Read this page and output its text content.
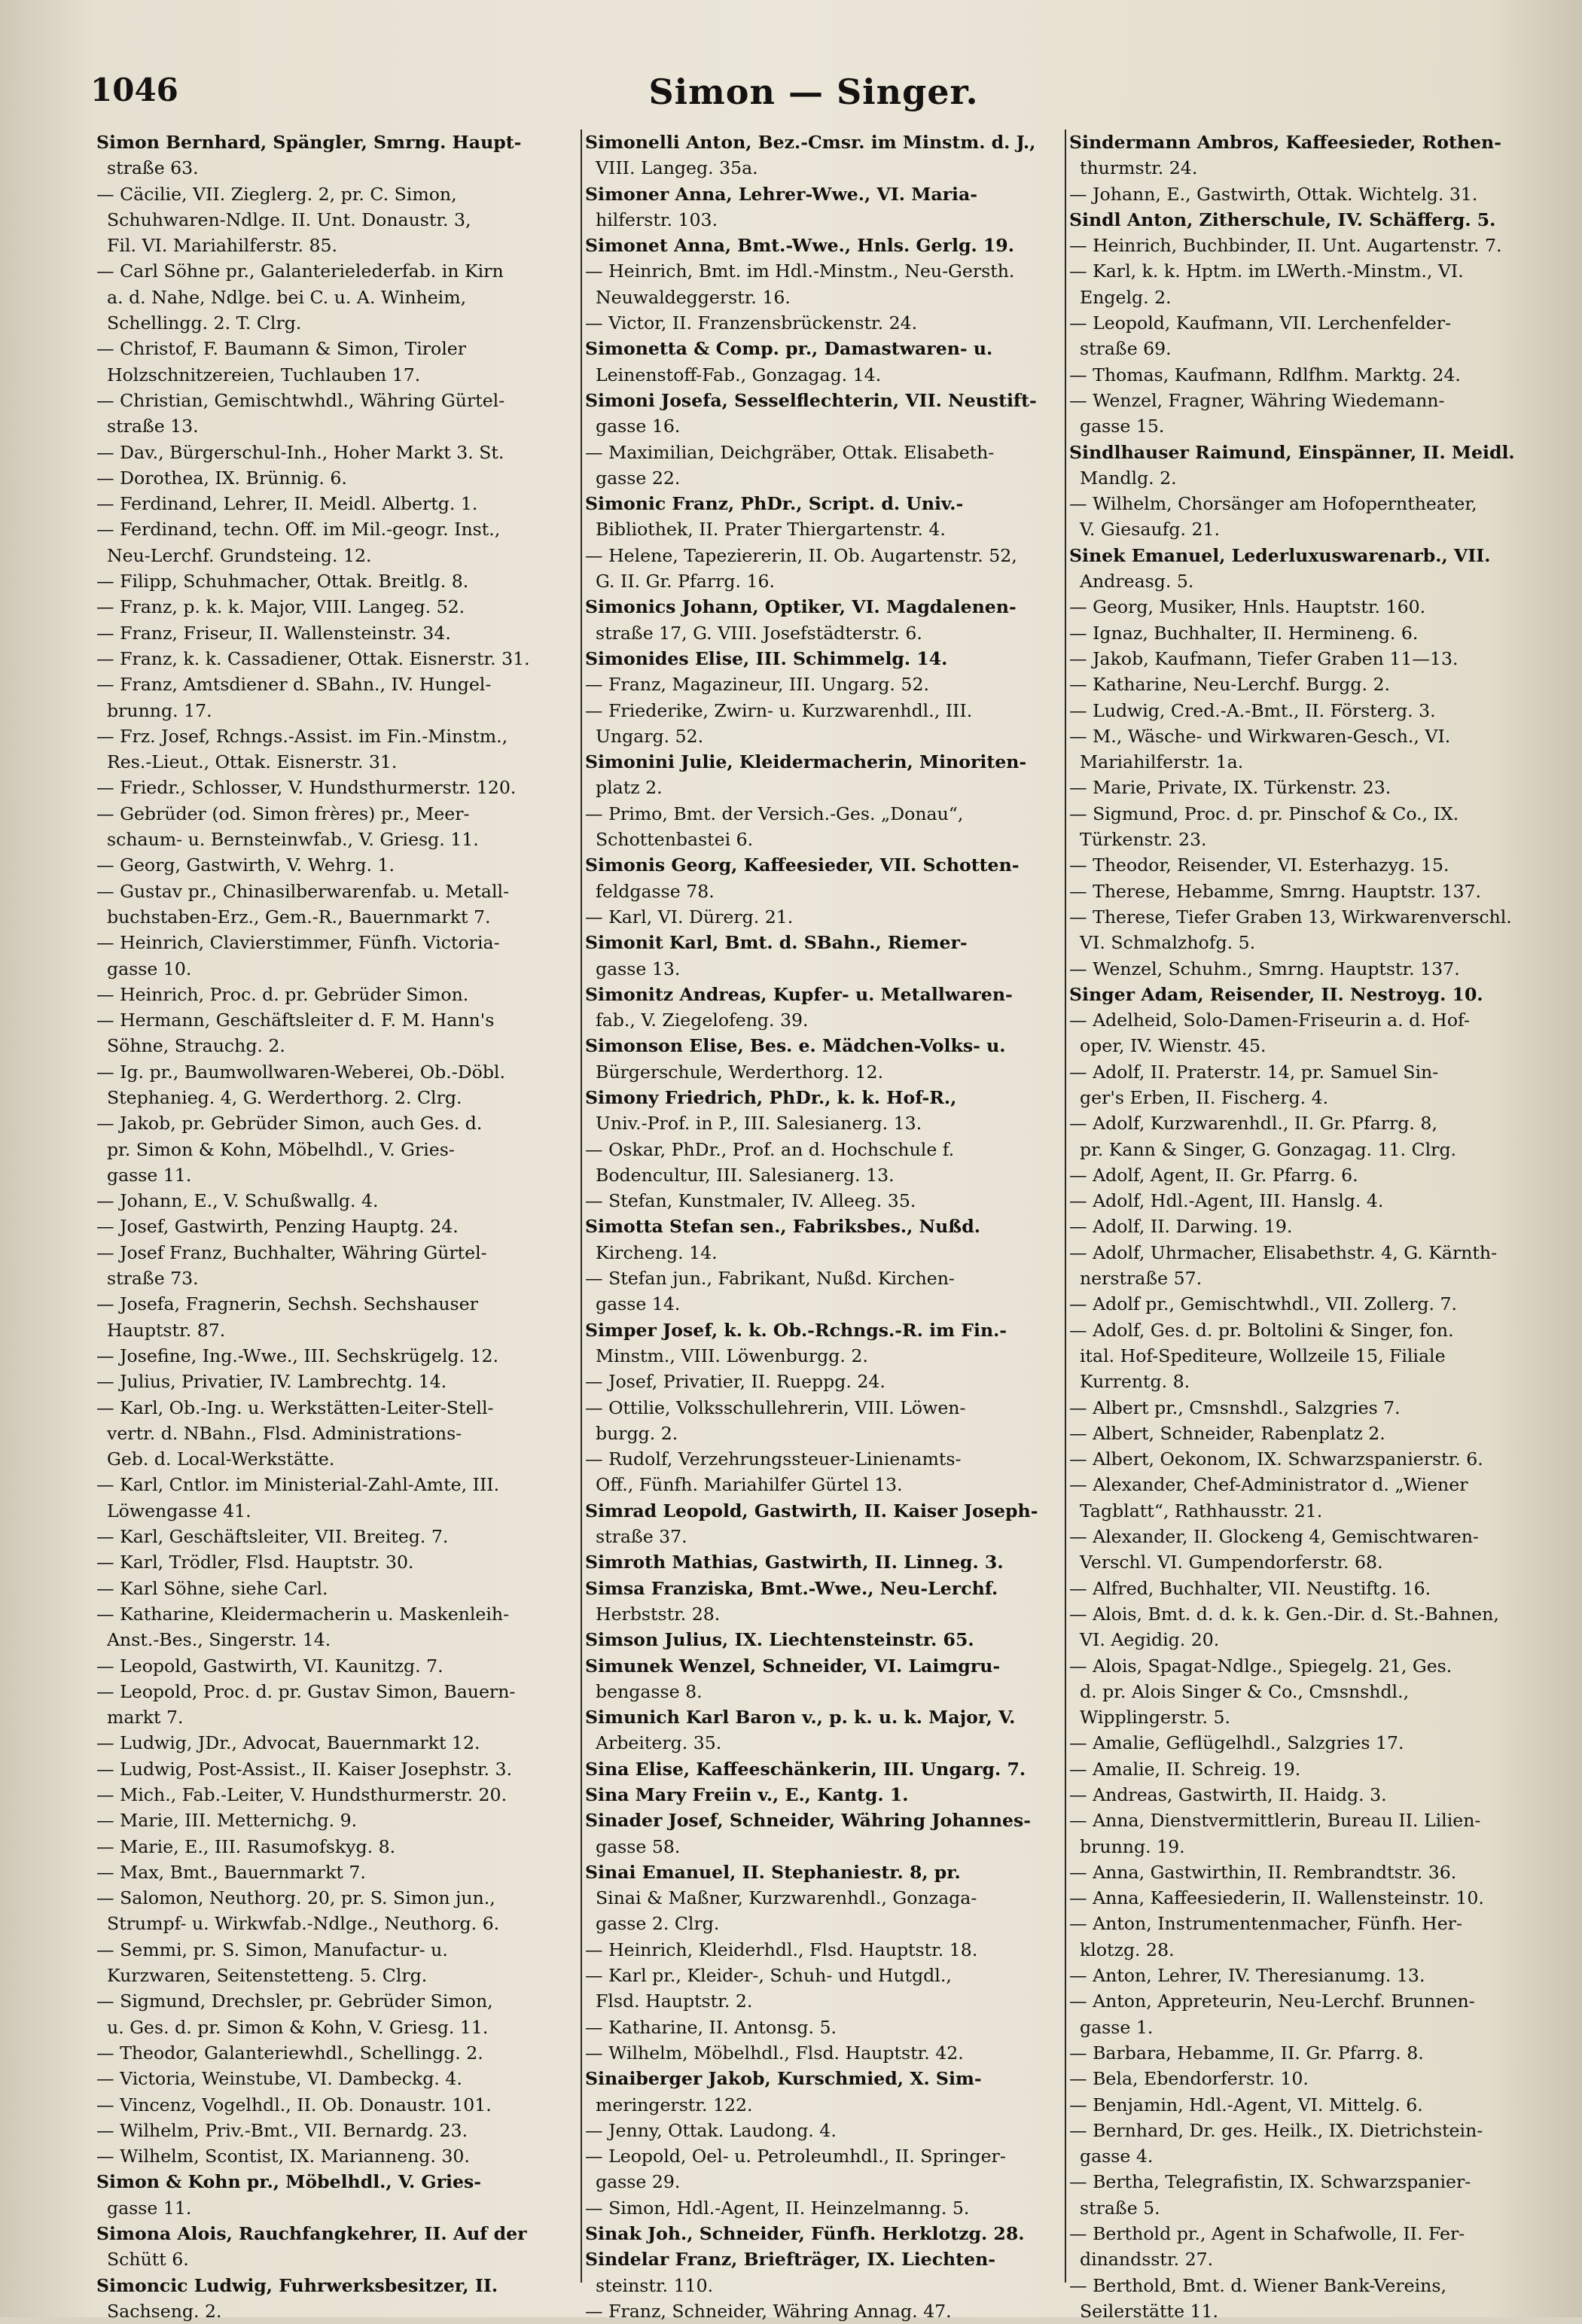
1046	Simon — Singer.
Simon Bernhard, Spängler, Smrng. Haupt-
straße 63.
— Cäcilie, VII. Zieglerg. 2, pr. C. Simon,
Schuhwaren-Ndlge. II. Unt. Donaustr. 3,
Fil. VI. Mariahilferstr. 85.
— Carl Söhne pr., Galanterielederfab. in Kirn
a. d. Nahe, Ndlge. bei C. u. A. Winheim,
Schellingg. 2. T. Clrg.
— Christof, F. Baumann & Simon, Tiroler
Holzschnitzereien, Tuchlauben 17.
— Christian, Gemischtwhdl., Währing Gürtel-
straße 13.
— Dav., Bürgerschul-Inh., Hoher Markt 3. St.
— Dorothea, IX. Brünnig. 6.
— Ferdinand, Lehrer, II. Meidl. Albertg. 1.
— Ferdinand, techn. Off. im Mil.-geogr. Inst.,
Neu-Lerchf. Grundsteing. 12.
— Filipp, Schuhmacher, Ottak. Breitlg. 8.
— Franz, p. k. k. Major, VIII. Langeg. 52.
— Franz, Friseur, II. Wallensteinstr. 34.
— Franz, k. k. Cassadiener, Ottak. Eisnerstr. 31.
— Franz, Amtsdiener d. SBahn., IV. Hungel-
brunng. 17.
— Frz. Josef, Rchngs.-Assist. im Fin.-Minstm.,
Res.-Lieut., Ottak. Eisnerstr. 31.
— Friedr., Schlosser, V. Hundsthurmerstr. 120.
— Gebrüder (od. Simon frères) pr., Meer-
schaum- u. Bernsteinwfab., V. Griesg. 11.
— Georg, Gastwirth, V. Wehrg. 1.
— Gustav pr., Chinasilberwarenfab. u. Metall-
buchstaben-Erz., Gem.-R., Bauernmarkt 7.
— Heinrich, Clavierstimmer, Fünfh. Victoria-
gasse 10.
— Heinrich, Proc. d. pr. Gebrüder Simon.
— Hermann, Geschäftsleiter d. F. M. Hann's
Söhne, Strauchg. 2.
— Ig. pr., Baumwollwaren-Weberei, Ob.-Döbl.
Stephanieg. 4, G. Werderthorg. 2. Clrg.
— Jakob, pr. Gebrüder Simon, auch Ges. d.
pr. Simon & Kohn, Möbelhdl., V. Gries-
gasse 11.
— Johann, E., V. Schußwallg. 4.
— Josef, Gastwirth, Penzing Hauptg. 24.
— Josef Franz, Buchhalter, Währing Gürtel-
straße 73.
— Josefa, Fragnerin, Sechsh. Sechshauser
Hauptstr. 87.
— Josefine, Ing.-Wwe., III. Sechskrügelg. 12.
— Julius, Privatier, IV. Lambrechtg. 14.
— Karl, Ob.-Ing. u. Werkstätten-Leiter-Stell-
vertr. d. NBahn., Flsd. Administrations-
Geb. d. Local-Werkstätte.
— Karl, Cntlor. im Ministerial-Zahl-Amte, III.
Löwengasse 41.
— Karl, Geschäftsleiter, VII. Breiteg. 7.
— Karl, Trödler, Flsd. Hauptstr. 30.
— Karl Söhne, siehe Carl.
— Katharine, Kleidermacherin u. Maskenleih-
Anst.-Bes., Singerstr. 14.
— Leopold, Gastwirth, VI. Kaunitzg. 7.
— Leopold, Proc. d. pr. Gustav Simon, Bauern-
markt 7.
— Ludwig, JDr., Advocat, Bauernmarkt 12.
— Ludwig, Post-Assist., II. Kaiser Josephstr. 3.
— Mich., Fab.-Leiter, V. Hundsthurmerstr. 20.
— Marie, III. Metternichg. 9.
— Marie, E., III. Rasumofskyg. 8.
— Max, Bmt., Bauernmarkt 7.
— Salomon, Neuthorg. 20, pr. S. Simon jun.,
Strumpf- u. Wirkwfab.-Ndlge., Neuthorg. 6.
— Semmi, pr. S. Simon, Manufactur- u.
Kurzwaren, Seitenstetteng. 5. Clrg.
— Sigmund, Drechsler, pr. Gebrüder Simon,
u. Ges. d. pr. Simon & Kohn, V. Griesg. 11.
— Theodor, Galanteriewhdl., Schellingg. 2.
— Victoria, Weinstube, VI. Dambeckg. 4.
— Vincenz, Vogelhdl., II. Ob. Donaustr. 101.
— Wilhelm, Priv.-Bmt., VII. Bernardg. 23.
— Wilhelm, Scontist, IX. Marianneng. 30.
Simon & Kohn pr., Möbelhdl., V. Gries-
gasse 11.
Simona Alois, Rauchfangkehrer, II. Auf der
Schütt 6.
Simoncic Ludwig, Fuhrwerksbesitzer, II.
Sachseng. 2.
Simonelli Anton, Bez.-Cmsr. im Minstm. d. J.,
VIII. Langeg. 35a.
Simoner Anna, Lehrer-Wwe., VI. Maria-
hilferstr. 103.
Simonet Anna, Bmt.-Wwe., Hnls. Gerlg. 19.
— Heinrich, Bmt. im Hdl.-Minstm., Neu-Gersth.
Neuwaldeggerstr. 16.
— Victor, II. Franzensbrückenstr. 24.
Simonetta & Comp. pr., Damastwaren- u.
Leinenstoff-Fab., Gonzagag. 14.
Simoni Josefa, Sesselflechterin, VII. Neustift-
gasse 16.
— Maximilian, Deichgräber, Ottak. Elisabeth-
gasse 22.
Simonic Franz, PhDr., Script. d. Univ.-
Bibliothek, II. Prater Thiergartenstr. 4.
— Helene, Tapeziererin, II. Ob. Augartenstr. 52,
G. II. Gr. Pfarrg. 16.
Simonics Johann, Optiker, VI. Magdalenen-
straße 17, G. VIII. Josefstädterstr. 6.
Simonides Elise, III. Schimmelg. 14.
— Franz, Magazineur, III. Ungarg. 52.
— Friederike, Zwirn- u. Kurzwarenhdl., III.
Ungarg. 52.
Simonini Julie, Kleidermacherin, Minoriten-
platz 2.
— Primo, Bmt. der Versich.-Ges. „Donau“,
Schottenbastei 6.
Simonis Georg, Kaffeesieder, VII. Schotten-
feldgasse 78.
— Karl, VI. Dürerg. 21.
Simonit Karl, Bmt. d. SBahn., Riemer-
gasse 13.
Simonitz Andreas, Kupfer- u. Metallwaren-
fab., V. Ziegelofeng. 39.
Simonson Elise, Bes. e. Mädchen-Volks- u.
Bürgerschule, Werderthorg. 12.
Simony Friedrich, PhDr., k. k. Hof-R.,
Univ.-Prof. in P., III. Salesianerg. 13.
— Oskar, PhDr., Prof. an d. Hochschule f.
Bodencultur, III. Salesianerg. 13.
— Stefan, Kunstmaler, IV. Alleeg. 35.
Simotta Stefan sen., Fabriksbes., Nußd.
Kircheng. 14.
— Stefan jun., Fabrikant, Nußd. Kirchen-
gasse 14.
Simper Josef, k. k. Ob.-Rchngs.-R. im Fin.-
Minstm., VIII. Löwenburgg. 2.
— Josef, Privatier, II. Rueppg. 24.
— Ottilie, Volksschullehrerin, VIII. Löwen-
burgg. 2.
— Rudolf, Verzehrungssteuer-Linienamts-
Off., Fünfh. Mariahilfer Gürtel 13.
Simrad Leopold, Gastwirth, II. Kaiser Joseph-
straße 37.
Simroth Mathias, Gastwirth, II. Linneg. 3.
Simsa Franziska, Bmt.-Wwe., Neu-Lerchf.
Herbststr. 28.
Simson Julius, IX. Liechtensteinstr. 65.
Simunek Wenzel, Schneider, VI. Laimgru-
bengasse 8.
Simunich Karl Baron v., p. k. u. k. Major, V.
Arbeiterg. 35.
Sina Elise, Kaffeeschänkerin, III. Ungarg. 7.
Sina Mary Freiin v., E., Kantg. 1.
Sinader Josef, Schneider, Währing Johannes-
gasse 58.
Sinai Emanuel, II. Stephaniestr. 8, pr.
Sinai & Maßner, Kurzwarenhdl., Gonzaga-
gasse 2. Clrg.
— Heinrich, Kleiderhdl., Flsd. Hauptstr. 18.
— Karl pr., Kleider-, Schuh- und Hutgdl.,
Flsd. Hauptstr. 2.
— Katharine, II. Antonsg. 5.
— Wilhelm, Möbelhdl., Flsd. Hauptstr. 42.
Sinaiberger Jakob, Kurschmied, X. Sim-
meringerstr. 122.
— Jenny, Ottak. Laudong. 4.
— Leopold, Oel- u. Petroleumhdl., II. Springer-
gasse 29.
— Simon, Hdl.-Agent, II. Heinzelmanng. 5.
Sinak Joh., Schneider, Fünfh. Herklotzg. 28.
Sindelar Franz, Briefträger, IX. Liechten-
steinstr. 110.
— Franz, Schneider, Währing Annag. 47.
Sindermann Ambros, Kaffeesieder, Rothen-
thurmstr. 24.
— Johann, E., Gastwirth, Ottak. Wichtelg. 31.
Sindl Anton, Zitherschule, IV. Schäfferg. 5.
— Heinrich, Buchbinder, II. Unt. Augartenstr. 7.
— Karl, k. k. Hptm. im LWerth.-Minstm., VI.
Engelg. 2.
— Leopold, Kaufmann, VII. Lerchenfelder-
straße 69.
— Thomas, Kaufmann, Rdlfhm. Marktg. 24.
— Wenzel, Fragner, Währing Wiedemann-
gasse 15.
Sindlhauser Raimund, Einspänner, II. Meidl.
Mandlg. 2.
— Wilhelm, Chorsänger am Hofoperntheater,
V. Giesaufg. 21.
Sinek Emanuel, Lederluxuswarenarb., VII.
Andreasg. 5.
— Georg, Musiker, Hnls. Hauptstr. 160.
— Ignaz, Buchhalter, II. Hermineng. 6.
— Jakob, Kaufmann, Tiefer Graben 11—13.
— Katharine, Neu-Lerchf. Burgg. 2.
— Ludwig, Cred.-A.-Bmt., II. Försterg. 3.
— M., Wäsche- und Wirkwaren-Gesch., VI.
Mariahilferstr. 1a.
— Marie, Private, IX. Türkenstr. 23.
— Sigmund, Proc. d. pr. Pinschof & Co., IX.
Türkenstr. 23.
— Theodor, Reisender, VI. Esterhazyg. 15.
— Therese, Hebamme, Smrng. Hauptstr. 137.
— Therese, Tiefer Graben 13, Wirkwarenverschl.
VI. Schmalzhofg. 5.
— Wenzel, Schuhm., Smrng. Hauptstr. 137.
Singer Adam, Reisender, II. Nestroyg. 10.
— Adelheid, Solo-Damen-Friseurin a. d. Hof-
oper, IV. Wienstr. 45.
— Adolf, II. Praterstr. 14, pr. Samuel Sin-
ger's Erben, II. Fischerg. 4.
— Adolf, Kurzwarenhdl., II. Gr. Pfarrg. 8,
pr. Kann & Singer, G. Gonzagag. 11. Clrg.
— Adolf, Agent, II. Gr. Pfarrg. 6.
— Adolf, Hdl.-Agent, III. Hanslg. 4.
— Adolf, II. Darwing. 19.
— Adolf, Uhrmacher, Elisabethstr. 4, G. Kärnth-
nerstraße 57.
— Adolf pr., Gemischtwhdl., VII. Zollerg. 7.
— Adolf, Ges. d. pr. Boltolini & Singer, fon.
ital. Hof-Spediteure, Wollzeile 15, Filiale
Kurrentg. 8.
— Albert pr., Cmsnshdl., Salzgries 7.
— Albert, Schneider, Rabenplatz 2.
— Albert, Oekonom, IX. Schwarzspanierstr. 6.
— Alexander, Chef-Administrator d. „Wiener
Tagblatt“, Rathhausstr. 21.
— Alexander, II. Glockeng 4, Gemischtwaren-
Verschl. VI. Gumpendorferstr. 68.
— Alfred, Buchhalter, VII. Neustiftg. 16.
— Alois, Bmt. d. d. k. k. Gen.-Dir. d. St.-Bahnen,
VI. Aegidig. 20.
— Alois, Spagat-Ndlge., Spiegelg. 21, Ges.
d. pr. Alois Singer & Co., Cmsnshdl.,
Wipplingerstr. 5.
— Amalie, Geflügelhdl., Salzgries 17.
— Amalie, II. Schreig. 19.
— Andreas, Gastwirth, II. Haidg. 3.
— Anna, Dienstvermittlerin, Bureau II. Lilien-
brunng. 19.
— Anna, Gastwirthin, II. Rembrandtstr. 36.
— Anna, Kaffeesiederin, II. Wallensteinstr. 10.
— Anton, Instrumentenmacher, Fünfh. Her-
klotzg. 28.
— Anton, Lehrer, IV. Theresianumg. 13.
— Anton, Appreteurin, Neu-Lerchf. Brunnen-
gasse 1.
— Barbara, Hebamme, II. Gr. Pfarrg. 8.
— Bela, Ebendorferstr. 10.
— Benjamin, Hdl.-Agent, VI. Mittelg. 6.
— Bernhard, Dr. ges. Heilk., IX. Dietrichstein-
gasse 4.
— Bertha, Telegrafistin, IX. Schwarzspanier-
straße 5.
— Berthold pr., Agent in Schafwolle, II. Fer-
dinandsstr. 27.
— Berthold, Bmt. d. Wiener Bank-Vereins,
Seilerstätte 11.
